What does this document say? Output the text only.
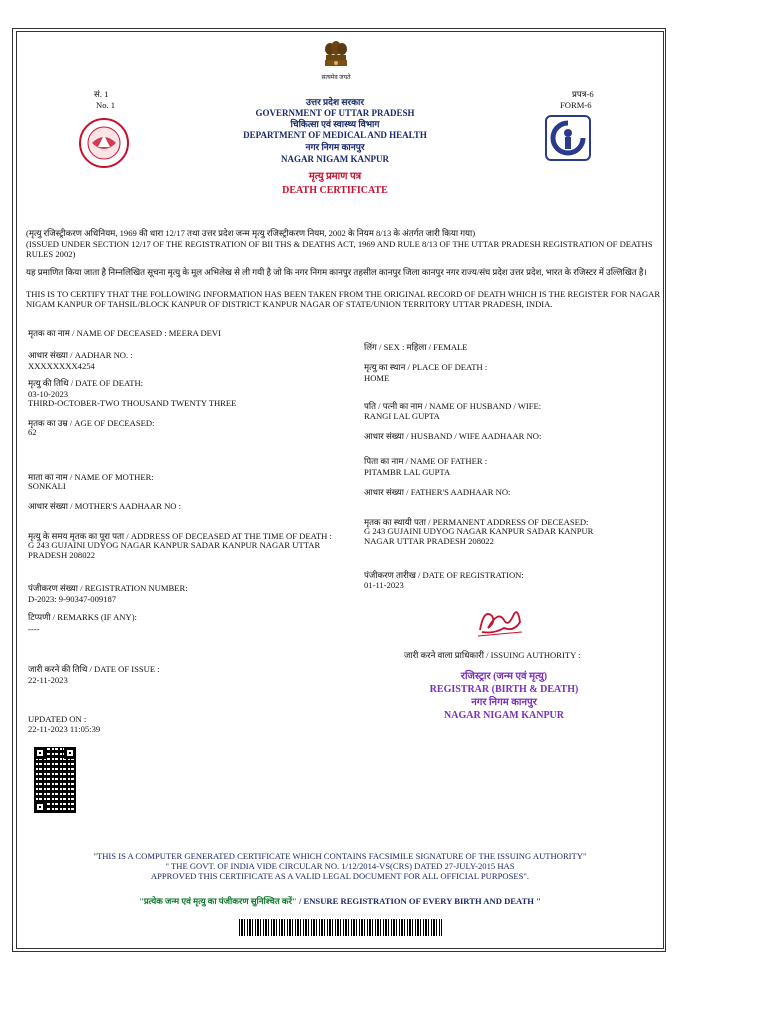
सत्यमेव जयते
सं. 1
No. 1
प्रपत्र-6
FORM-6
उत्तर प्रदेश सरकार
GOVERNMENT OF UTTAR PRADESH
चिकित्सा एवं स्वास्थ्य विभाग
DEPARTMENT OF MEDICAL AND HEALTH
नगर निगम कानपुर
NAGAR NIGAM KANPUR
मृत्यु प्रमाण पत्र
DEATH CERTIFICATE
(मृत्यु रजिस्ट्रीकरण अधिनियम, 1969 की धारा 12/17 तथा उत्तर प्रदेश जन्म मृत्यु रजिस्ट्रीकरण नियम, 2002 के नियम 8/13 के अंतर्गत जारी किया गया)
(ISSUED UNDER SECTION 12/17 OF THE REGISTRATION OF BII THS & DEATHS ACT, 1969 AND RULE 8/13 OF THE UTTAR PRADESH REGISTRATION OF DEATHS RULES 2002)
यह प्रमाणित किया जाता है निम्नलिखित सूचना मृत्यु के मूल अभिलेख से ली गयी है जो कि नगर निगम कानपुर तहसील कानपुर जिला कानपुर नगर राज्य/संघ प्रदेश उत्तर प्रदेश, भारत के रजिस्टर में उल्लिखित है।
THIS IS TO CERTIFY THAT THE FOLLOWING INFORMATION HAS BEEN TAKEN FROM THE ORIGINAL RECORD OF DEATH WHICH IS THE REGISTER FOR NAGAR NIGAM KANPUR OF TAHSIL/BLOCK KANPUR OF DISTRICT KANPUR NAGAR OF STATE/UNION TERRITORY UTTAR PRADESH, INDIA.
मृतक का नाम / NAME OF DECEASED : MEERA DEVI
आधार संख्या / AADHAR NO. :
XXXXXXXX4254
मृत्यु की तिथि / DATE OF DEATH:
03-10-2023
THIRD-OCTOBER-TWO THOUSAND TWENTY THREE
मृतक का उम्र / AGE OF DECEASED:
62
माता का नाम / NAME OF MOTHER:
SONKALI
आधार संख्या / MOTHER'S AADHAAR NO :
मृत्यु के समय मृतक का पूरा पता / ADDRESS OF DECEASED AT THE TIME OF DEATH :
G 243 GUJAINI UDYOG NAGAR KANPUR SADAR KANPUR NAGAR UTTAR PRADESH 208022
पंजीकरण संख्या / REGISTRATION NUMBER:
D-2023: 9-90347-009187
टिप्पणी / REMARKS (IF ANY):
----
जारी करने की तिथि / DATE OF ISSUE :
22-11-2023
UPDATED ON :
22-11-2023 11:05:39
लिंग / SEX : महिला / FEMALE
मृत्यु का स्थान / PLACE OF DEATH :
HOME
पति / पत्नी का नाम / NAME OF HUSBAND / WIFE:
RANGI LAL GUPTA
आधार संख्या / HUSBAND / WIFE AADHAAR NO:
पिता का नाम / NAME OF FATHER :
PITAMBR LAL GUPTA
आधार संख्या / FATHER'S AADHAAR NO:
मृतक का स्थायी पता / PERMANENT ADDRESS OF DECEASED:
G 243 GUJAINI UDYOG NAGAR KANPUR SADAR KANPUR NAGAR UTTAR PRADESH 208022
पंजीकरण तारीख / DATE OF REGISTRATION:
01-11-2023
जारी करने वाला प्राधिकारी / ISSUING AUTHORITY :
रजिस्ट्रार (जन्म एवं मृत्यु)
REGISTRAR (BIRTH & DEATH)
नगर निगम कानपुर
NAGAR NIGAM KANPUR
"THIS IS A COMPUTER GENERATED CERTIFICATE WHICH CONTAINS FACSIMILE SIGNATURE OF THE ISSUING AUTHORITY"
" THE GOVT. OF INDIA VIDE CIRCULAR NO. 1/12/2014-VS(CRS) DATED 27-JULY-2015 HAS
APPROVED THIS CERTIFICATE AS A VALID LEGAL DOCUMENT FOR ALL OFFICIAL PURPOSES".
"प्रत्येक जन्म एवं मृत्यु का पंजीकरण सुनिश्चित करें" / ENSURE REGISTRATION OF EVERY BIRTH AND DEATH "
